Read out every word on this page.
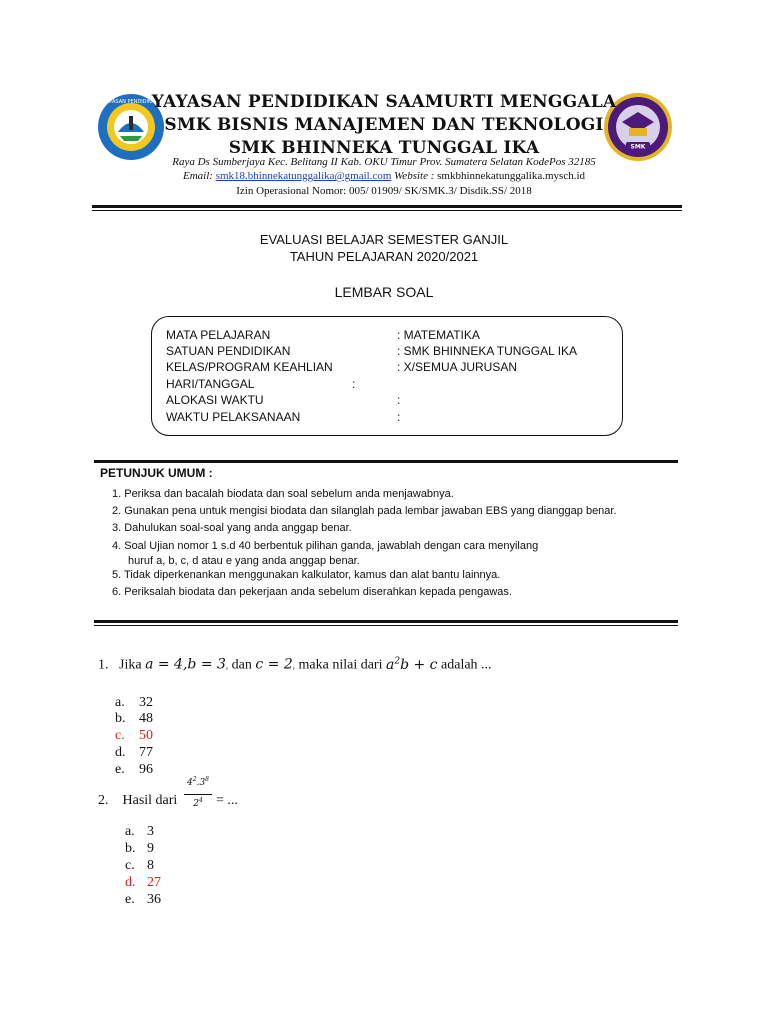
YAYASAN PENDIDIKAN
SMK
YAYASAN PENDIDIKAN SAAMURTI MENGGALA
SMK BISNIS MANAJEMEN DAN TEKNOLOGI
SMK BHINNEKA TUNGGAL IKA
Raya Ds Sumberjaya Kec. Belitang II Kab. OKU Timur Prov. Sumatera Selatan KodePos 32185
Email: smk18.bhinnekatunggalika@gmail.com Website : smkbhinnekatunggalika.mysch.id
Izin Operasional Nomor: 005/ 01909/ SK/SMK.3/ Disdik.SS/ 2018
EVALUASI BELAJAR SEMESTER GANJIL
TAHUN PELAJARAN 2020/2021
LEMBAR SOAL
MATA PELAJARAN	: MATEMATIKA
SATUAN PENDIDIKAN	: SMK BHINNEKA TUNGGAL IKA
KELAS/PROGRAM KEAHLIAN	: X/SEMUA JURUSAN
HARI/TANGGAL	:
ALOKASI WAKTU	:
WAKTU PELAKSANAAN	:
PETUNJUK UMUM :
1. Periksa dan bacalah biodata dan soal sebelum anda menjawabnya.
2. Gunakan pena untuk mengisi biodata dan silanglah pada lembar jawaban EBS yang dianggap benar.
3. Dahulukan soal-soal yang anda anggap benar.
4. Soal Ujian nomor 1 s.d 40 berbentuk pilihan ganda, jawablah dengan cara menyilang
huruf a, b, c, d atau e yang anda anggap benar.
5. Tidak diperkenankan menggunakan kalkulator, kamus dan alat bantu lainnya.
6. Periksalah biodata dan pekerjaan anda sebelum diserahkan kepada pengawas.
1. Jika a = 4,b = 3, dan c = 2, maka nilai dari $a^2b + c$ adalah ...
a. 32
b. 48
c. 50
d. 77
e. 96
2. Hasil dari
$4^2.3^8$
$2^4$ = ...
a. 3
b. 9
c. 8
d. 27
e. 36
